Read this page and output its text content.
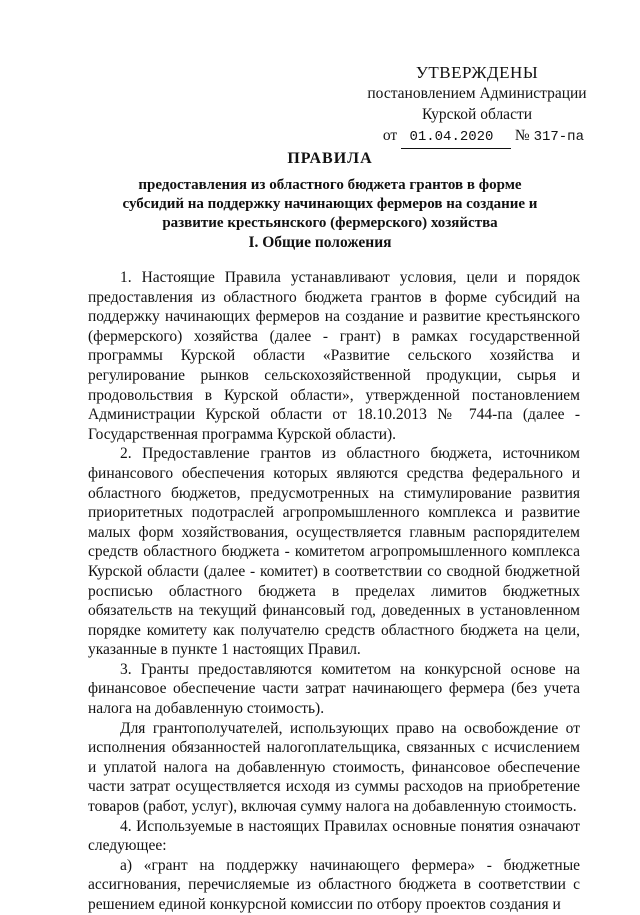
УТВЕРЖДЕНЫ
постановлением Администрации
Курской области
от 01.04.2020 № 317-па
ПРАВИЛА
предоставления из областного бюджета грантов в форме субсидий на поддержку начинающих фермеров на создание и развитие крестьянского (фермерского) хозяйства
I. Общие положения

1. Настоящие Правила устанавливают условия, цели и порядок предоставления из областного бюджета грантов в форме субсидий на поддержку начинающих фермеров на создание и развитие крестьянского (фермерского) хозяйства (далее - грант) в рамках государственной программы Курской области «Развитие сельского хозяйства и регулирование рынков сельскохозяйственной продукции, сырья и продовольствия в Курской области», утвержденной постановлением Администрации Курской области от 18.10.2013 № 744-па (далее - Государственная программа Курской области).

2. Предоставление грантов из областного бюджета, источником финансового обеспечения которых являются средства федерального и областного бюджетов, предусмотренных на стимулирование развития приоритетных подотраслей агропромышленного комплекса и развитие малых форм хозяйствования, осуществляется главным распорядителем средств областного бюджета - комитетом агропромышленного комплекса Курской области (далее - комитет) в соответствии со сводной бюджетной росписью областного бюджета в пределах лимитов бюджетных обязательств на текущий финансовый год, доведенных в установленном порядке комитету как получателю средств областного бюджета на цели, указанные в пункте 1 настоящих Правил.

3. Гранты предоставляются комитетом на конкурсной основе на финансовое обеспечение части затрат начинающего фермера (без учета налога на добавленную стоимость).

Для грантополучателей, использующих право на освобождение от исполнения обязанностей налогоплательщика, связанных с исчислением и уплатой налога на добавленную стоимость, финансовое обеспечение части затрат осуществляется исходя из суммы расходов на приобретение товаров (работ, услуг), включая сумму налога на добавленную стоимость.

4. Используемые в настоящих Правилах основные понятия означают следующее:

а) «грант на поддержку начинающего фермера» - бюджетные ассигнования, перечисляемые из областного бюджета в соответствии с решением единой конкурсной комиссии по отбору проектов создания и
